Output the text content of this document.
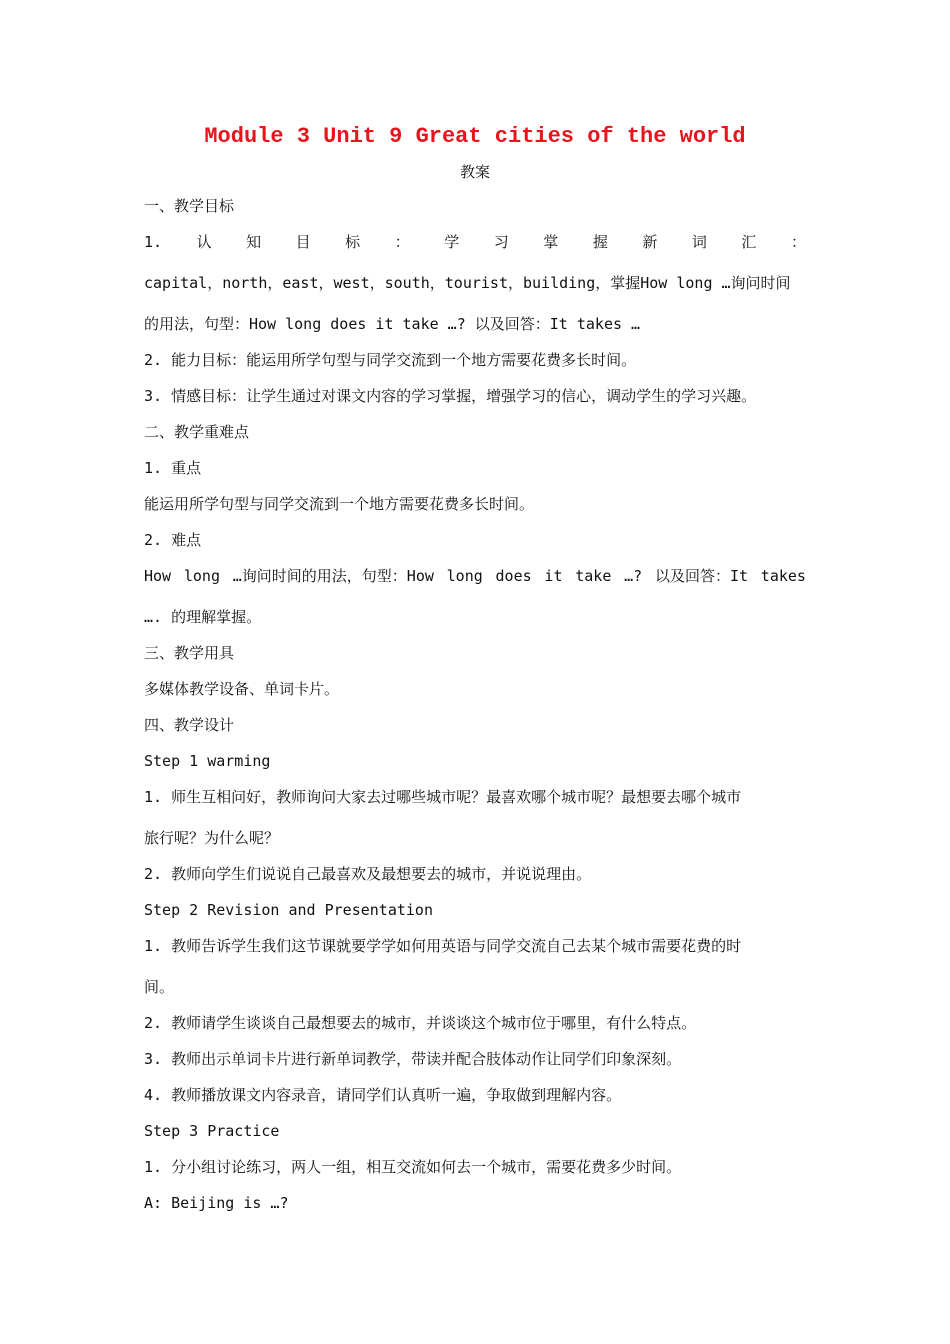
Module 3 Unit 9 Great cities of the world
教案
一、教学目标
1. 认 知 目 标 ： 学 习 掌 握 新 词 汇 ：
capital，north，east，west，south，tourist，building，掌握How long …询问时间
的用法，句型：How long does it take …? 以及回答：It takes …
2. 能力目标：能运用所学句型与同学交流到一个地方需要花费多长时间。
3. 情感目标：让学生通过对课文内容的学习掌握，增强学习的信心，调动学生的学习兴趣。
二、教学重难点
1. 重点
能运用所学句型与同学交流到一个地方需要花费多长时间。
2. 难点
How long …询问时间的用法，句型：How long does it take …? 以及回答：It takes
…. 的理解掌握。
三、教学用具
多媒体教学设备、单词卡片。
四、教学设计
Step 1 warming
1. 师生互相问好，教师询问大家去过哪些城市呢？最喜欢哪个城市呢？最想要去哪个城市
旅行呢？为什么呢？
2. 教师向学生们说说自己最喜欢及最想要去的城市，并说说理由。
Step 2 Revision and Presentation
1. 教师告诉学生我们这节课就要学学如何用英语与同学交流自己去某个城市需要花费的时
间。
2. 教师请学生谈谈自己最想要去的城市，并谈谈这个城市位于哪里，有什么特点。
3. 教师出示单词卡片进行新单词教学，带读并配合肢体动作让同学们印象深刻。
4. 教师播放课文内容录音，请同学们认真听一遍，争取做到理解内容。
Step 3 Practice
1. 分小组讨论练习，两人一组，相互交流如何去一个城市，需要花费多少时间。
A: Beijing is …?
